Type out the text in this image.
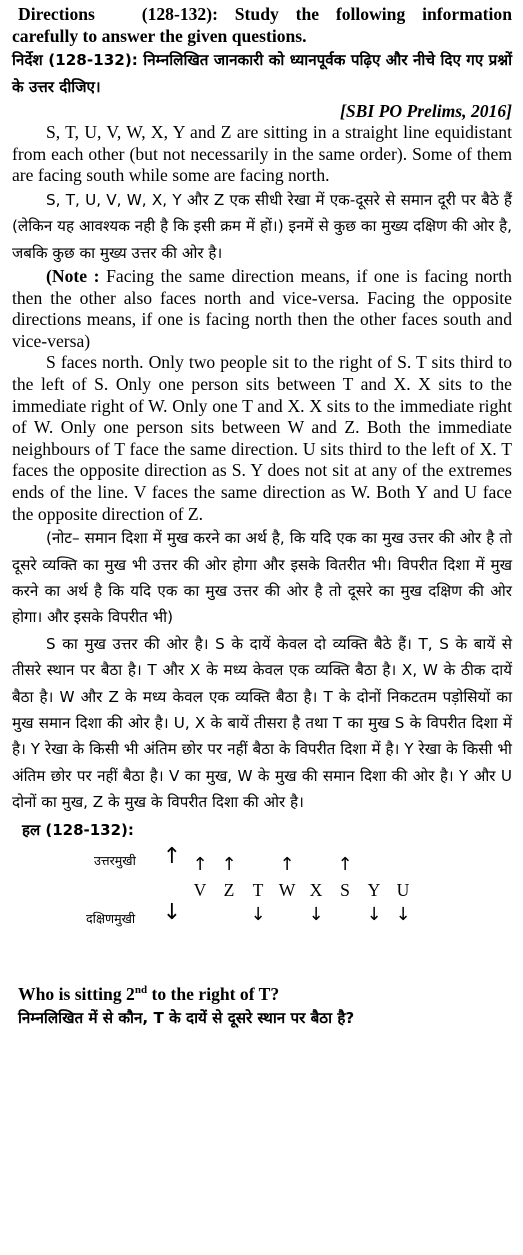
Directions	(128-132): Study the following information carefully to answer the given questions.

निर्देश (128-132): निम्नलिखित जानकारी को ध्यानपूर्वक पढ़िए और नीचे दिए गए प्रश्नों के उत्तर दीजिए।

[SBI PO Prelims, 2016]

S, T, U, V, W, X, Y and Z are sitting in a straight line equidistant from each other (but not necessarily in the same order). Some of them are facing south while some are facing north.

S, T, U, V, W, X, Y और Z एक सीधी रेखा में एक-दूसरे से समान दूरी पर बैठे हैं (लेकिन यह आवश्यक नही है कि इसी क्रम में हों।) इनमें से कुछ का मुख्य दक्षिण की ओर है, जबकि कुछ का मुख्य उत्तर की ओर है।

(Note : Facing the same direction means, if one is facing north then the other also faces north and vice-versa. Facing the opposite directions means, if one is facing north then the other faces south and vice-versa)

S faces north. Only two people sit to the right of S. T sits third to the left of S. Only one person sits between T and X. X sits to the immediate right of W. Only one T and X. X sits to the immediate right of W. Only one person sits between W and Z. Both the immediate neighbours of T face the same direction. U sits third to the left of X. T faces the opposite direction as S. Y does not sit at any of the extremes ends of the line. V faces the same direction as W. Both Y and U face the opposite direction of Z.

(नोट– समान दिशा में मुख करने का अर्थ है, कि यदि एक का मुख उत्तर की ओर है तो दूसरे व्यक्ति का मुख भी उत्तर की ओर होगा और इसके वितरीत भी। विपरीत दिशा में मुख करने का अर्थ है कि यदि एक का मुख उत्तर की ओर है तो दूसरे का मुख दक्षिण की ओर होगा। और इसके विपरीत भी)

S का मुख उत्तर की ओर है। S के दायें केवल दो व्यक्ति बैठे हैं। T, S के बायें से तीसरे स्थान पर बैठा है। T और X के मध्य केवल एक व्यक्ति बैठा है। X, W के ठीक दायें बैठा है। W और Z के मध्य केवल एक व्यक्ति बैठा है। T के दोनों निकटतम पड़ोसियों का मुख समान दिशा की ओर है। U, X के बायें तीसरा है तथा T का मुख S के विपरीत दिशा में है। Y रेखा के किसी भी अंतिम छोर पर नहीं बैठा के विपरीत दिशा में है। Y रेखा के किसी भी अंतिम छोर पर नहीं बैठा है। V का मुख, W के मुख की समान दिशा की ओर है। Y और U दोनों का मुख, Z के मुख के विपरीत दिशा की ओर है।

हल (128-132):
उत्तरमुखी ↑
दक्षिणमुखी ↓
V
↑
Z
↑
T
↓
W
↑
X
↓
S
↑
Y
↓
U
↓

Who is sitting 2nd to the right of T?

निम्नलिखित में से कौन, T के दायें से दूसरे स्थान पर बैठा है?
